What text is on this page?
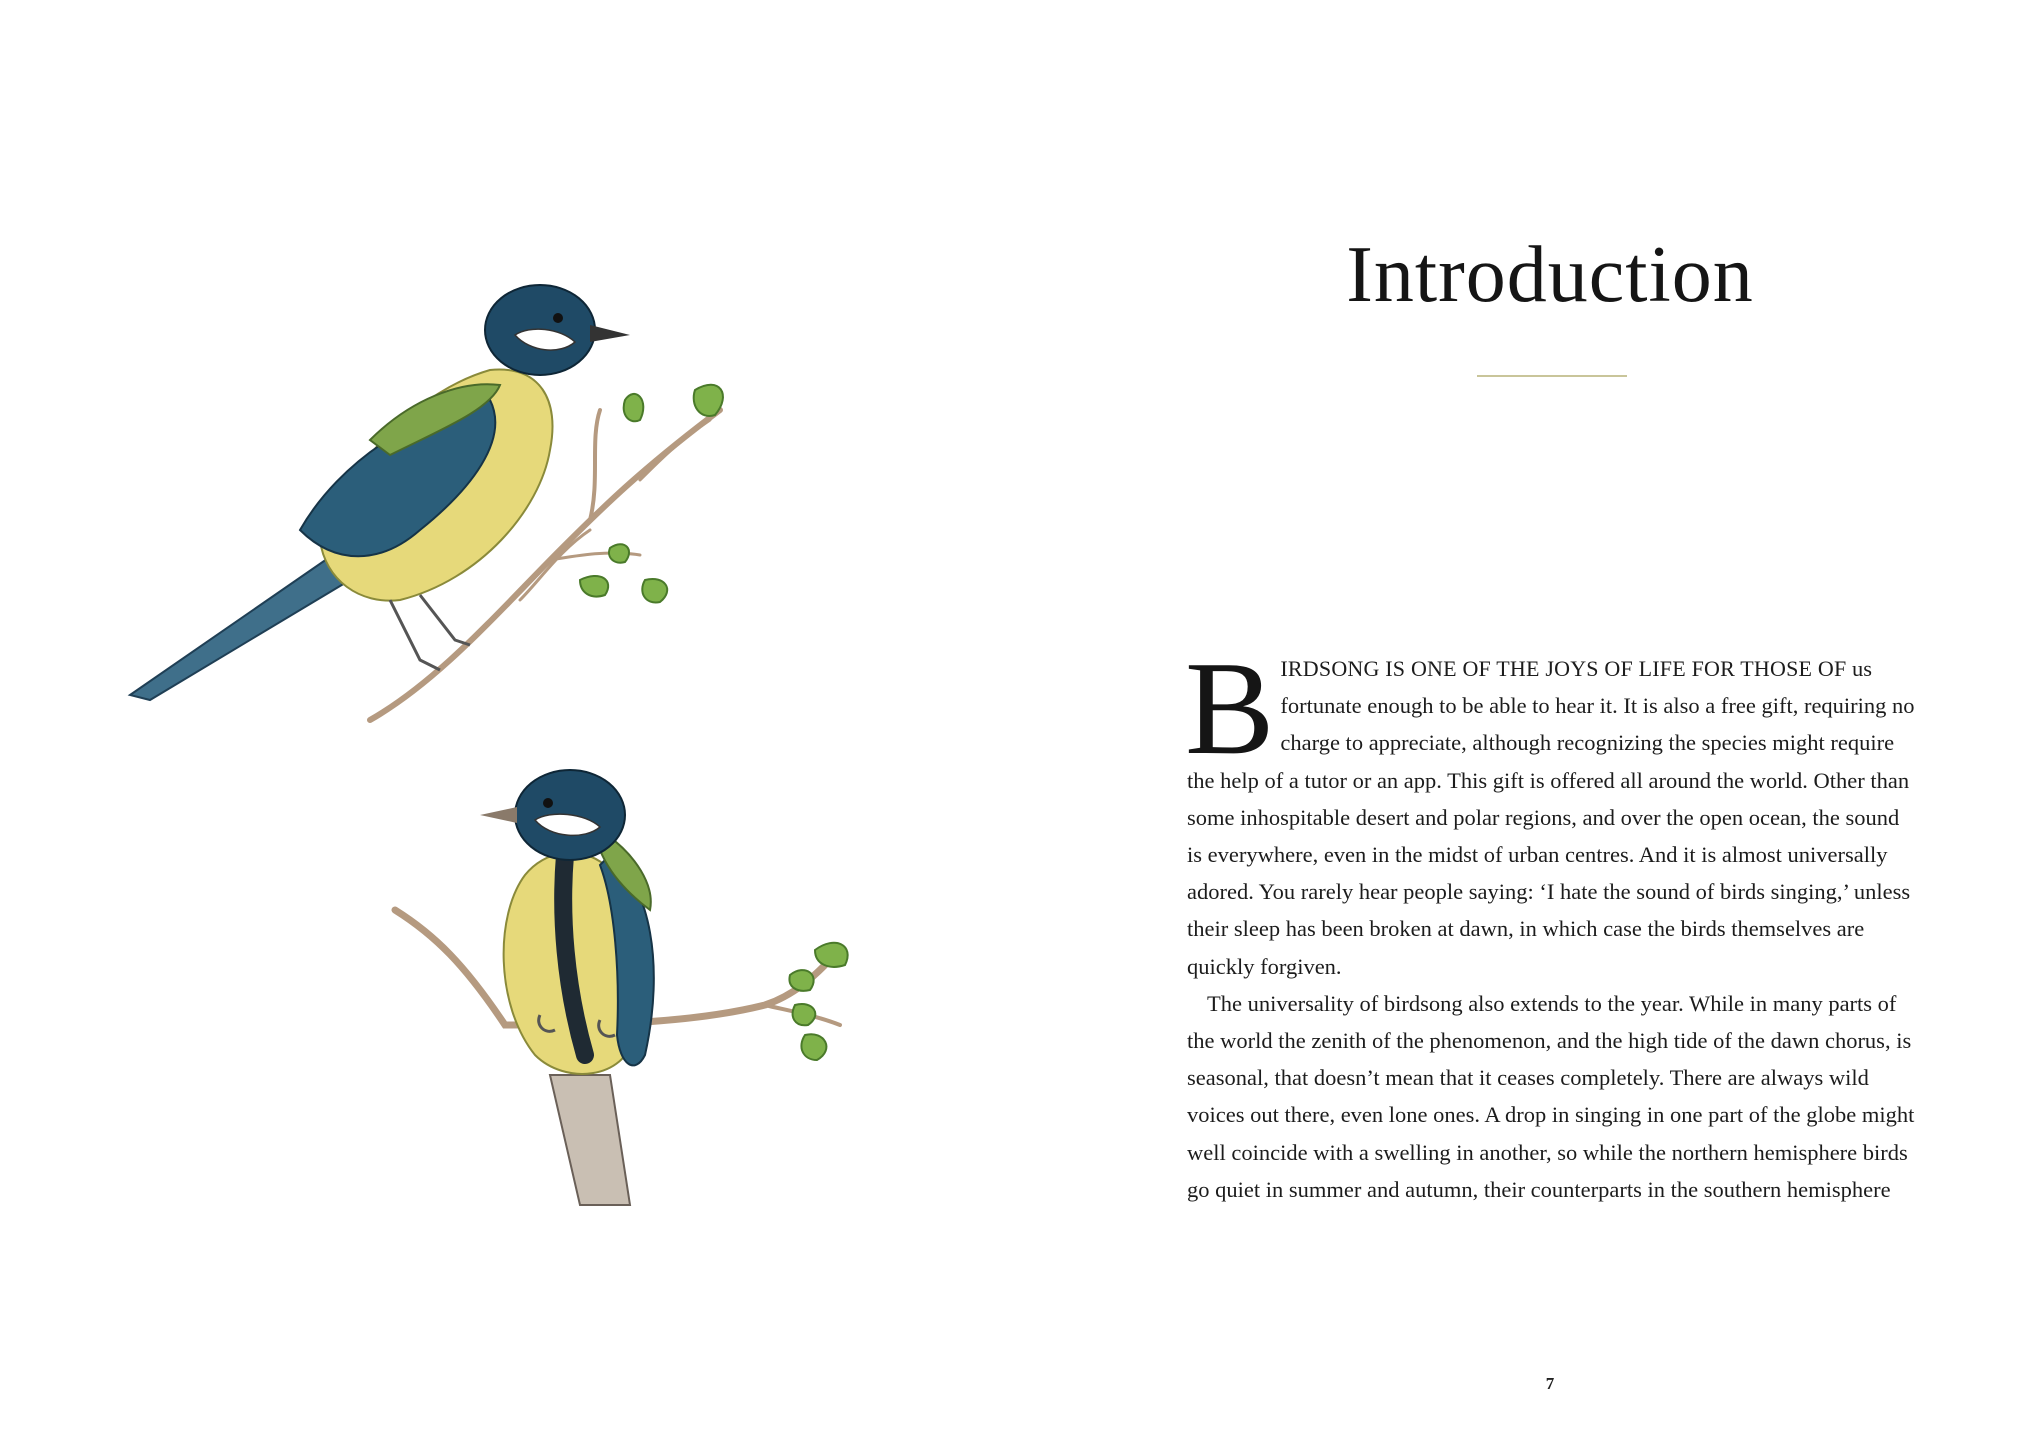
Introduction

BIRDSONG IS ONE OF THE JOYS OF LIFE FOR THOSE OF us fortunate enough to be able to hear it. It is also a free gift, requiring no charge to appreciate, although recognizing the species might require the help of a tutor or an app. This gift is offered all around the world. Other than some inhospitable desert and polar regions, and over the open ocean, the sound is everywhere, even in the midst of urban centres. And it is almost universally adored. You rarely hear people saying: ‘I hate the sound of birds singing,’ unless their sleep has been broken at dawn, in which case the birds themselves are quickly forgiven.

The universality of birdsong also extends to the year. While in many parts of the world the zenith of the phenomenon, and the high tide of the dawn chorus, is seasonal, that doesn’t mean that it ceases completely. There are always wild voices out there, even lone ones. A drop in singing in one part of the globe might well coincide with a swelling in another, so while the northern hemisphere birds go quiet in summer and autumn, their counterparts in the southern hemisphere

7
